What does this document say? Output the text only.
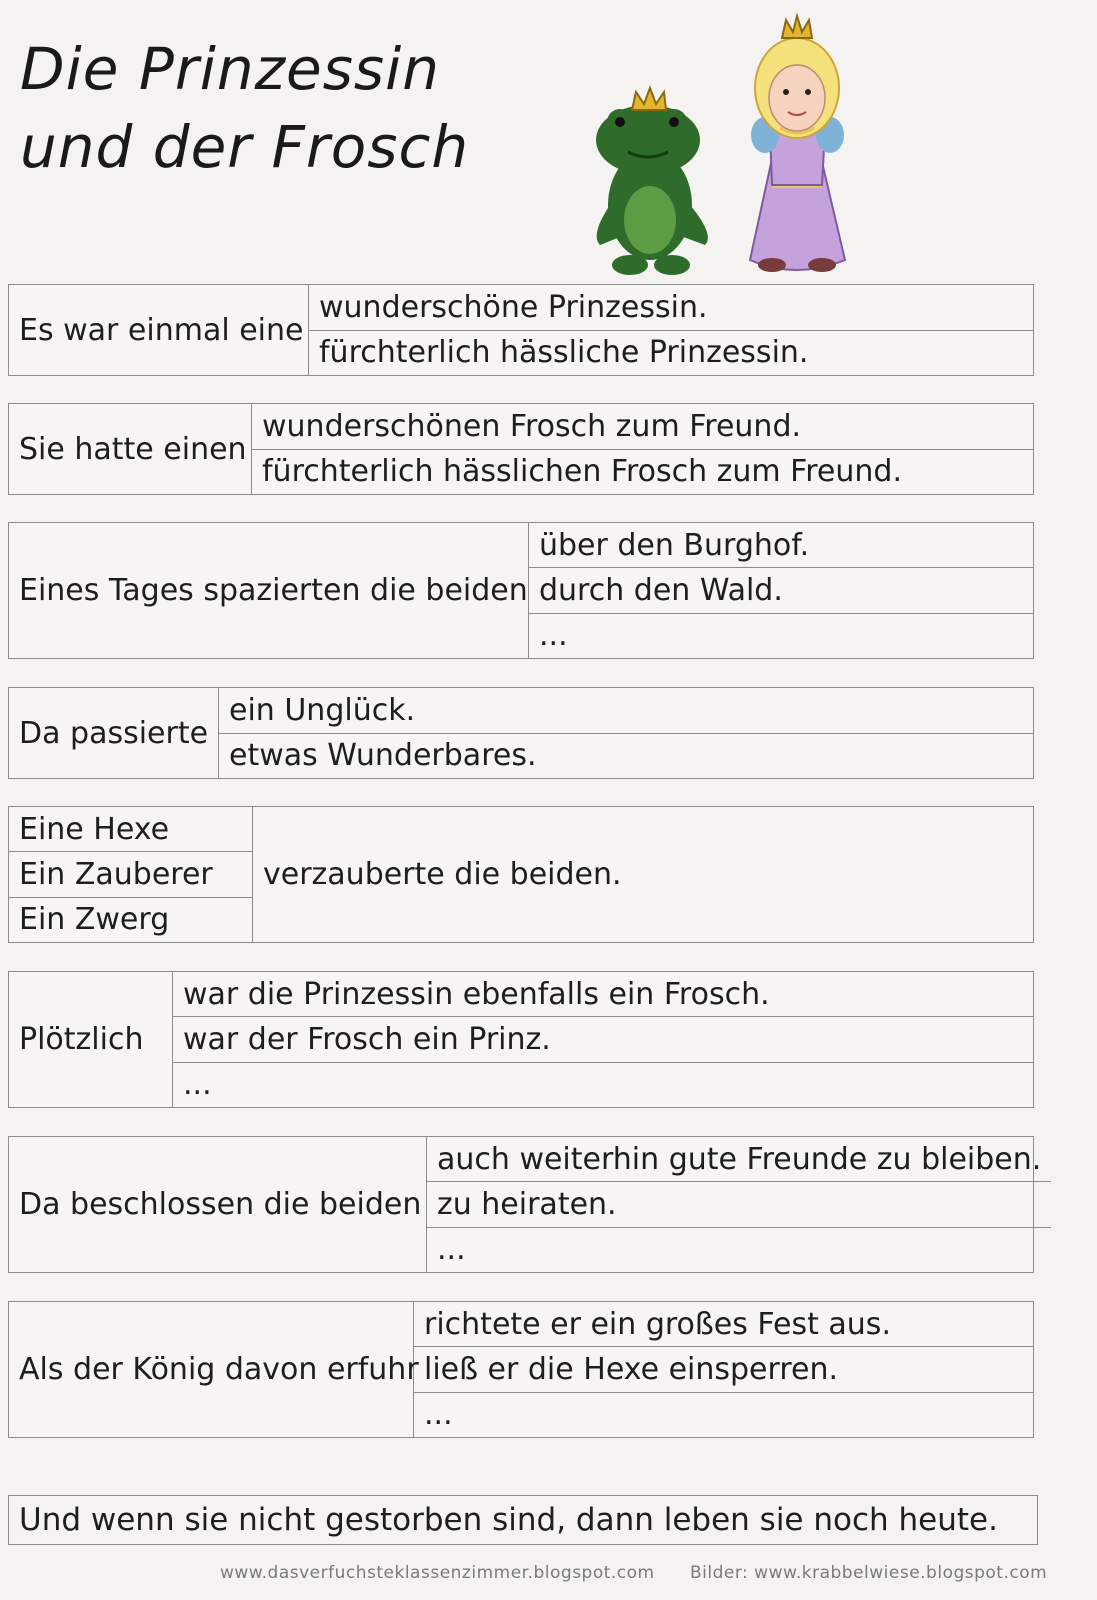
Die Prinzessin
und der Frosch
Es war einmal eine
wunderschöne Prinzessin.
fürchterlich hässliche Prinzessin.
Sie hatte einen
wunderschönen Frosch zum Freund.
fürchterlich hässlichen Frosch zum Freund.
Eines Tages spazierten die beiden
über den Burghof.
durch den Wald.
...
Da passierte
ein Unglück.
etwas Wunderbares.
Eine Hexe
Ein Zauberer
Ein Zwerg
verzauberte die beiden.
Plötzlich
war die Prinzessin ebenfalls ein Frosch.
war der Frosch ein Prinz.
...
Da beschlossen die beiden
auch weiterhin gute Freunde zu bleiben.
zu heiraten.
...
Als der König davon erfuhr
richtete er ein großes Fest aus.
ließ er die Hexe einsperren.
...
Und wenn sie nicht gestorben sind, dann leben sie noch heute.
www.dasverfuchsteklassenzimmer.blogspot.com Bilder: www.krabbelwiese.blogspot.com
